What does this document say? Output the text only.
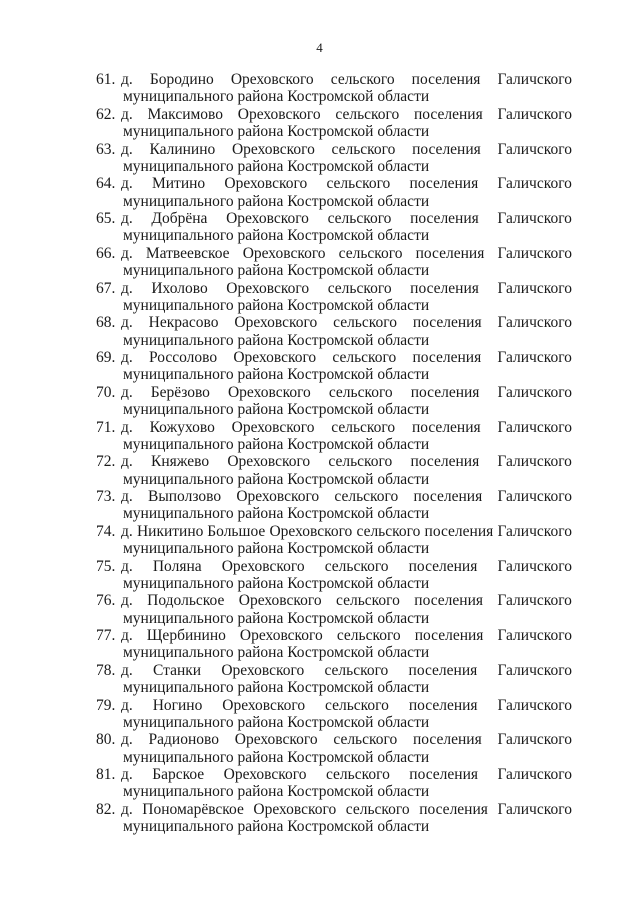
4
61. д. Бородино Ореховского сельского поселения Галичского
муниципального района Костромской области
62. д. Максимово Ореховского сельского поселения Галичского
муниципального района Костромской области
63. д. Калинино Ореховского сельского поселения Галичского
муниципального района Костромской области
64. д. Митино Ореховского сельского поселения Галичского
муниципального района Костромской области
65. д. Добрёна Ореховского сельского поселения Галичского
муниципального района Костромской области
66. д. Матвеевское Ореховского сельского поселения Галичского
муниципального района Костромской области
67. д. Ихолово Ореховского сельского поселения Галичского
муниципального района Костромской области
68. д. Некрасово Ореховского сельского поселения Галичского
муниципального района Костромской области
69. д. Россолово Ореховского сельского поселения Галичского
муниципального района Костромской области
70. д. Берёзово Ореховского сельского поселения Галичского
муниципального района Костромской области
71. д. Кожухово Ореховского сельского поселения Галичского
муниципального района Костромской области
72. д. Княжево Ореховского сельского поселения Галичского
муниципального района Костромской области
73. д. Выползово Ореховского сельского поселения Галичского
муниципального района Костромской области
74. д. Никитино Большое Ореховского сельского поселения Галичского
муниципального района Костромской области
75. д. Поляна Ореховского сельского поселения Галичского
муниципального района Костромской области
76. д. Подольское Ореховского сельского поселения Галичского
муниципального района Костромской области
77. д. Щербинино Ореховского сельского поселения Галичского
муниципального района Костромской области
78. д. Станки Ореховского сельского поселения Галичского
муниципального района Костромской области
79. д. Ногино Ореховского сельского поселения Галичского
муниципального района Костромской области
80. д. Радионово Ореховского сельского поселения Галичского
муниципального района Костромской области
81. д. Барское Ореховского сельского поселения Галичского
муниципального района Костромской области
82. д. Пономарёвское Ореховского сельского поселения Галичского
муниципального района Костромской области
